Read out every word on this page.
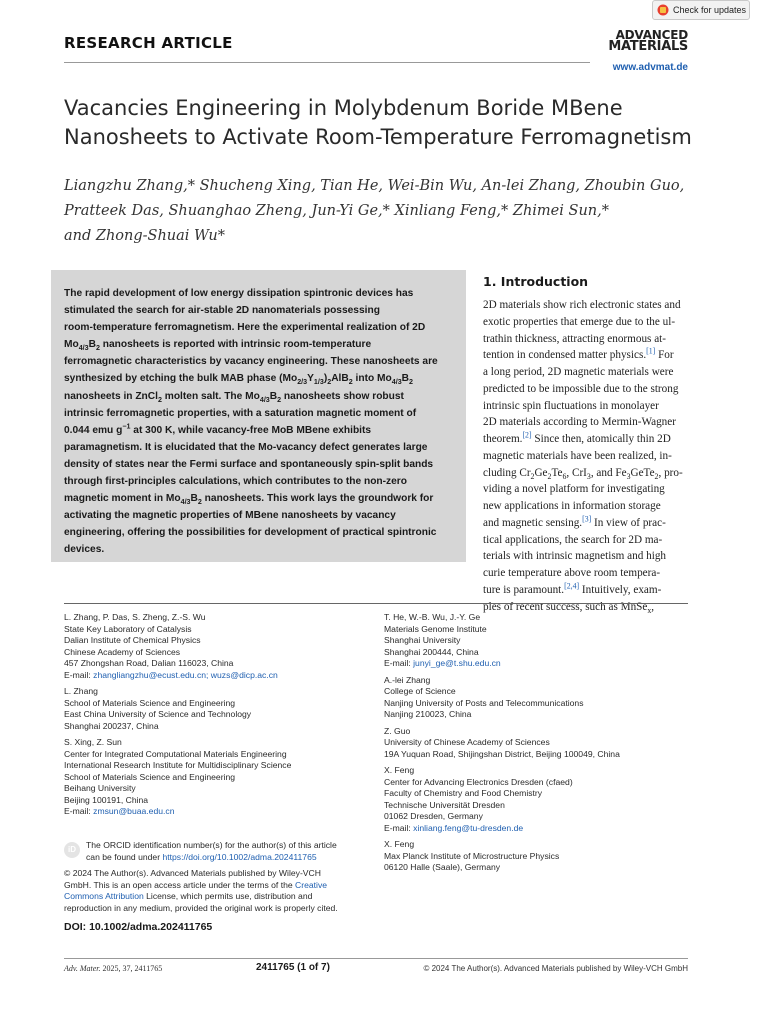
Check for updates
RESEARCH ARTICLE	ADVANCED
MATERIALS
www.advmat.de
Vacancies Engineering in Molybdenum Boride MBene
Nanosheets to Activate Room-Temperature Ferromagnetism
Liangzhu Zhang,* Shucheng Xing, Tian He, Wei-Bin Wu, An-lei Zhang, Zhoubin Guo,
Pratteek Das, Shuanghao Zheng, Jun-Yi Ge,* Xinliang Feng,* Zhimei Sun,*
and Zhong-Shuai Wu*
The rapid development of low energy dissipation spintronic devices has
stimulated the search for air-stable 2D nanomaterials possessing
room-temperature ferromagnetism. Here the experimental realization of 2D
$Mo_{4/3}B_2$ nanosheets is reported with intrinsic room-temperature
ferromagnetic characteristics by vacancy engineering. These nanosheets are
synthesized by etching the bulk MAB phase $(Mo_{2/3}Y_{1/3})_2AlB_2$ into $Mo_{4/3}B_2$
nanosheets in ZnCl$_2$ molten salt. The $Mo_{4/3}B_2$ nanosheets show robust
intrinsic ferromagnetic properties, with a saturation magnetic moment of
0.044 emu $g^{-1}$ at 300 K, while vacancy-free MoB MBene exhibits
paramagnetism. It is elucidated that the Mo-vacancy defect generates large
density of states near the Fermi surface and spontaneously spin-split bands
through first-principles calculations, which contributes to the non-zero
magnetic moment in $Mo_{4/3}B_2$ nanosheets. This work lays the groundwork for
activating the magnetic properties of MBene nanosheets by vacancy
engineering, offering the possibilities for development of practical spintronic
devices.
1. Introduction
2D materials show rich electronic states and
exotic properties that emerge due to the ul-
trathin thickness, attracting enormous at-
tention in condensed matter physics.[1] For
a long period, 2D magnetic materials were
predicted to be impossible due to the strong
intrinsic spin fluctuations in monolayer
2D materials according to Mermin-Wagner
theorem.[2] Since then, atomically thin 2D
magnetic materials have been realized, in-
cluding $Cr_2Ge_2Te_6$, CrI$_3$, and $Fe_3GeTe_2$, pro-
viding a novel platform for investigating
new applications in information storage
and magnetic sensing.[3] In view of prac-
tical applications, the search for 2D ma-
terials with intrinsic magnetism and high
curie temperature above room tempera-
ture is paramount.[2,4] Intuitively, exam-
ples of recent success, such as MnSe$_x$,
L. Zhang, P. Das, S. Zheng, Z.-S. Wu
State Key Laboratory of Catalysis
Dalian Institute of Chemical Physics
Chinese Academy of Sciences
457 Zhongshan Road, Dalian 116023, China
E-mail: zhangliangzhu@ecust.edu.cn; wuzs@dicp.ac.cn
L. Zhang
School of Materials Science and Engineering
East China University of Science and Technology
Shanghai 200237, China
S. Xing, Z. Sun
Center for Integrated Computational Materials Engineering
International Research Institute for Multidisciplinary Science
School of Materials Science and Engineering
Beihang University
Beijing 100191, China
E-mail: zmsun@buaa.edu.cn
T. He, W.-B. Wu, J.-Y. Ge
Materials Genome Institute
Shanghai University
Shanghai 200444, China
E-mail: junyi_ge@t.shu.edu.cn
A.-lei Zhang
College of Science
Nanjing University of Posts and Telecommunications
Nanjing 210023, China
Z. Guo
University of Chinese Academy of Sciences
19A Yuquan Road, Shijingshan District, Beijing 100049, China
X. Feng
Center for Advancing Electronics Dresden (cfaed)
Faculty of Chemistry and Food Chemistry
Technische Universität Dresden
01062 Dresden, Germany
E-mail: xinliang.feng@tu-dresden.de
X. Feng
Max Planck Institute of Microstructure Physics
06120 Halle (Saale), Germany
iD	The ORCID identification number(s) for the author(s) of this article
can be found under https://doi.org/10.1002/adma.202411765
© 2024 The Author(s). Advanced Materials published by Wiley-VCH
GmbH. This is an open access article under the terms of the Creative
Commons Attribution License, which permits use, distribution and
reproduction in any medium, provided the original work is properly cited.
DOI: 10.1002/adma.202411765
Adv. Mater. 2025, 37, 2411765	2411765 (1 of 7)	© 2024 The Author(s). Advanced Materials published by Wiley-VCH GmbH
